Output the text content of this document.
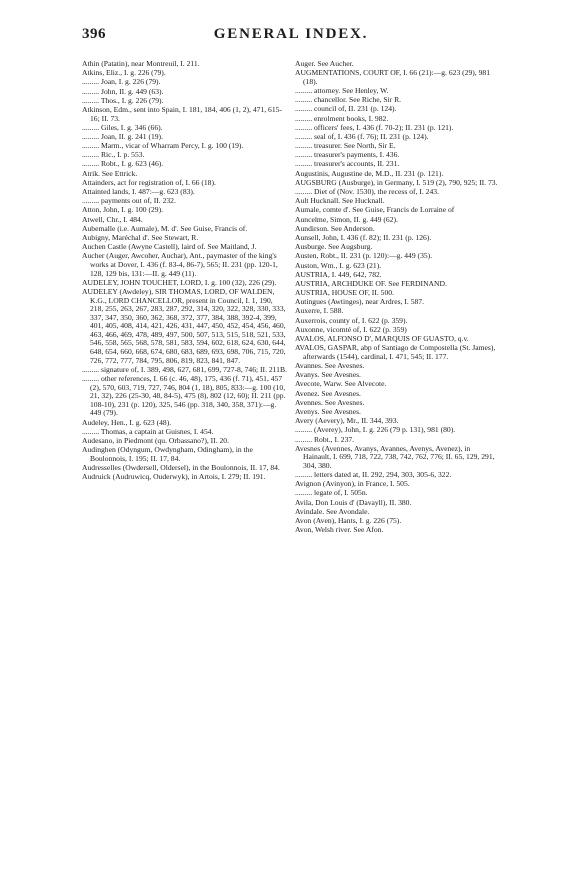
396	GENERAL INDEX.

Athin (Patatin), near Montreuil, I. 211.

Atkins, Eliz., I. g. 226 (79).

......... Joan, I. g. 226 (79).

......... John, II. g. 449 (63).

......... Thos., I. g. 226 (79).

Atkinson, Edm., sent into Spain, I. 181, 184, 406 (1, 2), 471, 615-16; II. 73.

......... Giles, I. g. 346 (66).

......... Joan, II. g. 241 (19).

......... Marm., vicar of Wharram Percy, I. g. 100 (19).

......... Ric., I. p. 553.

......... Robt., I. g. 623 (46).

Atrik. See Ettrick.

Attainders, act for registration of, I. 66 (18).

Attainted lands, I. 487:—g. 623 (83).

......... payments out of, II. 232.

Atton, John, I. g. 100 (29).

Atwell, Chr., I. 484.

Aubemalle (i.e. Aumale), M. d'. See Guise, Francis of.

Aubigny, Maréchal d'. See Stewart, R.

Auchen Castle (Awyne Castell), laird of. See Maitland, J.

Aucher (Auger, Awcoher, Auchar), Ant., paymaster of the king's works at Dover, I. 436 (f. 83-4, 86-7), 565; II. 231 (pp. 120-1, 128, 129 bis, 131:—II. g. 449 (11).

AUDELEY, JOHN TOUCHET, LORD, I. g. 100 (32), 226 (29).

AUDELEY (Awdeley), SIR THOMAS, LORD, OF WALDEN, K.G., LORD CHANCELLOR, present in Council, I. 1, 190, 218, 255, 263, 267, 283, 287, 292, 314, 320, 322, 328, 330, 333, 337, 347, 350, 360, 362, 368, 372, 377, 384, 388, 392-4, 399, 401, 405, 408, 414, 421, 426, 431, 447, 450, 452, 454, 456, 460, 463, 466, 469, 478, 489, 497, 500, 507, 513, 515, 518, 521, 533, 546, 558, 565, 568, 578, 581, 583, 594, 602, 618, 624, 630, 644, 648, 654, 660, 668, 674, 680, 683, 689, 693, 698, 706, 715, 720, 726, 772, 777, 784, 795, 806, 819, 823, 841, 847.

......... signature of, I. 389, 498, 627, 681, 699, 727-8, 746; II. 211B.

......... other references, I. 66 (c. 46, 48), 175, 436 (f. 71), 451, 457 (2), 570, 603, 719, 727, 746, 804 (1, 18), 805, 833:—g. 100 (10, 21, 32), 226 (25-30, 48, 84-5), 475 (8), 802 (12, 60); II. 211 (pp. 108-10), 231 (p. 120), 325, 546 (pp. 318, 340, 358, 371):—g. 449 (79).

Audeley, Hen., I. g. 623 (48).

......... Thomas, a captain at Guisnes, I. 454.

Audesano, in Piedmont (qu. Orbassano?), II. 20.

Audinghen (Odyngum, Owdyngham, Odingham), in the Boulonnois, I. 195; II. 17, 84.

Audresselles (Owdersell, Oldersel), in the Boulonnois, II. 17, 84.

Audruick (Audruwicq, Ouderwyk), in Artois, I. 279; II. 191.

Auger. See Aucher.

AUGMENTATIONS, COURT OF, I. 66 (21):—g. 623 (29), 981 (18).

......... attorney. See Henley, W.

......... chancellor. See Riche, Sir R.

......... council of, II. 231 (p. 124).

......... enrolment books, I. 982.

......... officers' fees, I. 436 (f. 70-2); II. 231 (p. 121).

......... seal of, I. 436 (f. 76); II. 231 (p. 124).

......... treasurer. See North, Sir E.

......... treasurer's payments, I. 436.

......... treasurer's accounts, II. 231.

Augustinis, Augustine de, M.D., II. 231 (p. 121).

AUGSBURG (Ausburge), in Germany, I. 519 (2), 790, 925; II. 73.

......... Diet of (Nov. 1530), the recess of, I. 243.

Ault Hucknall. See Hucknall.

Aumale, comte d'. See Guise, Francis de Lorraine of

Auncelme, Simon, II. g. 449 (62).

Aundirson. See Anderson.

Aunsell, John, I. 436 (f. 82); II. 231 (p. 126).

Ausburge. See Augsburg.

Austen, Robt., II. 231 (p. 120):—g. 449 (35).

Auston, Wm., I. g. 623 (21).

AUSTRIA, I. 449, 642, 782.

AUSTRIA, ARCHDUKE OF. See FERDINAND.

AUSTRIA, HOUSE OF, II. 500.

Autingues (Awtinges), near Ardres, I. 587.

Auxerre, I. 588.

Auxerrois, county of, I. 622 (p. 359).

Auxonne, vicomté of, I. 622 (p. 359)

AVALOS, ALFONSO D', MARQUIS OF GUASTO, q.v.

AVALOS, GASPAR, abp of Santiago de Compostella (St. James), afterwards (1544), cardinal, I. 471, 545; II. 177.

Avannes. See Avesnes.

Avanys. See Avesnes.

Avecote, Warw. See Alvecote.

Avenez. See Avesnes.

Avennes. See Avesnes.

Avenys. See Avesnes.

Avery (Aevery), Mr., II. 344, 393.

......... (Averey), John, I. g. 226 (79 p. 131), 981 (80).

......... Robt., I. 237.

Avesnes (Avennes, Avanys, Avannes, Avenys, Avenez), in Hainault, I. 699, 718, 722, 738, 742, 762, 776; II. 65, 129, 291, 304, 380.

......... letters dated at, II. 292, 294, 303, 305-6, 322.

Avignon (Avinyon), in France, I. 505.

......... legate of, I. 505n.

Avila, Don Louis d' (Davayll), II. 380.

Avindale. See Avondale.

Avon (Aven), Hants, I. g. 226 (75).

Avon, Welsh river. See Afon.
